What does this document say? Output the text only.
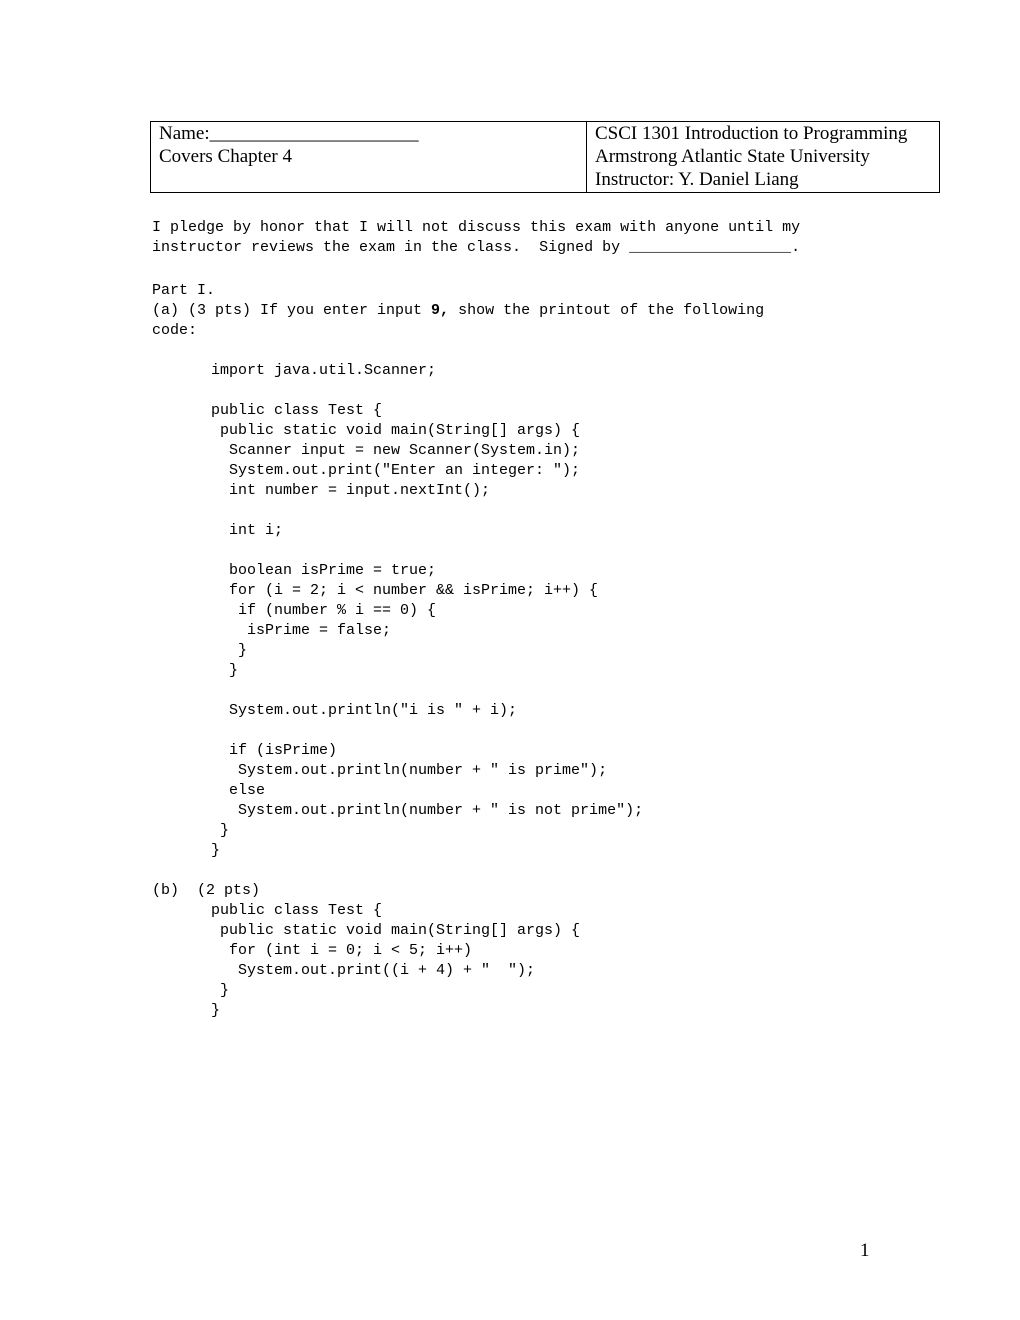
Name:______________________
Covers Chapter 4
CSCI 1301 Introduction to Programming
Armstrong Atlantic State University
Instructor: Y. Daniel Liang

I pledge by honor that I will not discuss this exam with anyone until my

instructor reviews the exam in the class.  Signed by __________________.

Part I.

(a) (3 pts) If you enter input 9, show the printout of the following

code:

import java.util.Scanner;
public class Test {
public static void main(String[] args) {
Scanner input = new Scanner(System.in);
System.out.print("Enter an integer: ");
int number = input.nextInt();
int i;
boolean isPrime = true;
for (i = 2; i < number && isPrime; i++) {
if (number % i == 0) {
isPrime = false;
}
}
System.out.println("i is " + i);
if (isPrime)
System.out.println(number + " is prime");
else
System.out.println(number + " is not prime");
}
}

(b)  (2 pts)

public class Test {
public static void main(String[] args) {
for (int i = 0; i < 5; i++)
System.out.print((i + 4) + "  ");
}
}
1
